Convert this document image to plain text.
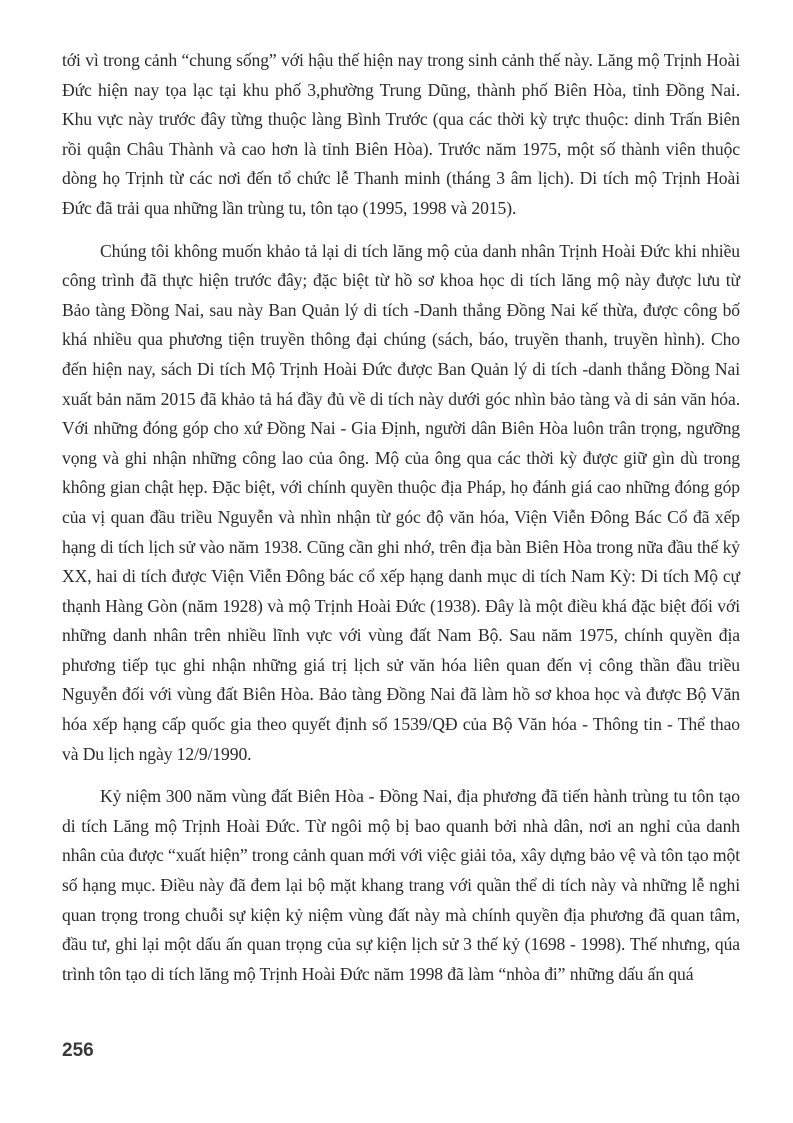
tới vì trong cảnh “chung sống” với hậu thế hiện nay trong sinh cảnh thế này. Lăng mộ Trịnh Hoài Đức hiện nay tọa lạc tại khu phố 3,phường Trung Dũng, thành phố Biên Hòa, tỉnh Đồng Nai. Khu vực này trước đây từng thuộc làng Bình Trước (qua các thời kỳ trực thuộc: dinh Trấn Biên rồi quận Châu Thành và cao hơn là tỉnh Biên Hòa). Trước năm 1975, một số thành viên thuộc dòng họ Trịnh từ các nơi đến tổ chức lễ Thanh minh (tháng 3 âm lịch). Di tích mộ Trịnh Hoài Đức đã trải qua những lần trùng tu, tôn tạo (1995, 1998 và 2015).

Chúng tôi không muốn khảo tả lại di tích lăng mộ của danh nhân Trịnh Hoài Đức khi nhiều công trình đã thực hiện trước đây; đặc biệt từ hồ sơ khoa học di tích lăng mộ này được lưu từ Bảo tàng Đồng Nai, sau này Ban Quản lý di tích -Danh thắng Đồng Nai kế thừa, được công bố khá nhiều qua phương tiện truyền thông đại chúng (sách, báo, truyền thanh, truyền hình). Cho đến hiện nay, sách Di tích Mộ Trịnh Hoài Đức được Ban Quản lý di tích -danh thắng Đồng Nai xuất bản năm 2015 đã khảo tả há đầy đủ về di tích này dưới góc nhìn bảo tàng và di sản văn hóa. Với những đóng góp cho xứ Đồng Nai - Gia Định, người dân Biên Hòa luôn trân trọng, ngưỡng vọng và ghi nhận những công lao của ông. Mộ của ông qua các thời kỳ được giữ gìn dù trong không gian chật hẹp. Đặc biệt, với chính quyền thuộc địa Pháp, họ đánh giá cao những đóng góp của vị quan đầu triều Nguyễn và nhìn nhận từ góc độ văn hóa, Viện Viễn Đông Bác Cổ đã xếp hạng di tích lịch sử vào năm 1938. Cũng cần ghi nhớ, trên địa bàn Biên Hòa trong nữa đầu thế kỷ XX, hai di tích được Viện Viễn Đông bác cổ xếp hạng danh mục di tích Nam Kỳ: Di tích Mộ cự thạnh Hàng Gòn (năm 1928) và mộ Trịnh Hoài Đức (1938). Đây là một điều khá đặc biệt đối với những danh nhân trên nhiều lĩnh vực với vùng đất Nam Bộ. Sau năm 1975, chính quyền địa phương tiếp tục ghi nhận những giá trị lịch sử văn hóa liên quan đến vị công thần đầu triều Nguyễn đối với vùng đất Biên Hòa. Bảo tàng Đồng Nai đã làm hồ sơ khoa học và được Bộ Văn hóa xếp hạng cấp quốc gia theo quyết định số 1539/QĐ của Bộ Văn hóa - Thông tin - Thể thao và Du lịch ngày 12/9/1990.

Kỷ niệm 300 năm vùng đất Biên Hòa - Đồng Nai, địa phương đã tiến hành trùng tu tôn tạo di tích Lăng mộ Trịnh Hoài Đức. Từ ngôi mộ bị bao quanh bởi nhà dân, nơi an nghỉ của danh nhân của được “xuất hiện” trong cảnh quan mới với việc giải tỏa, xây dựng bảo vệ và tôn tạo một số hạng mục. Điều này đã đem lại bộ mặt khang trang với quần thể di tích này và những lễ nghi quan trọng trong chuỗi sự kiện kỷ niệm vùng đất này mà chính quyền địa phương đã quan tâm, đầu tư, ghi lại một dấu ấn quan trọng của sự kiện lịch sử 3 thế kỷ (1698 - 1998). Thế nhưng, qúa trình tôn tạo di tích lăng mộ Trịnh Hoài Đức năm 1998 đã làm “nhòa đi” những dấu ấn quá

256
